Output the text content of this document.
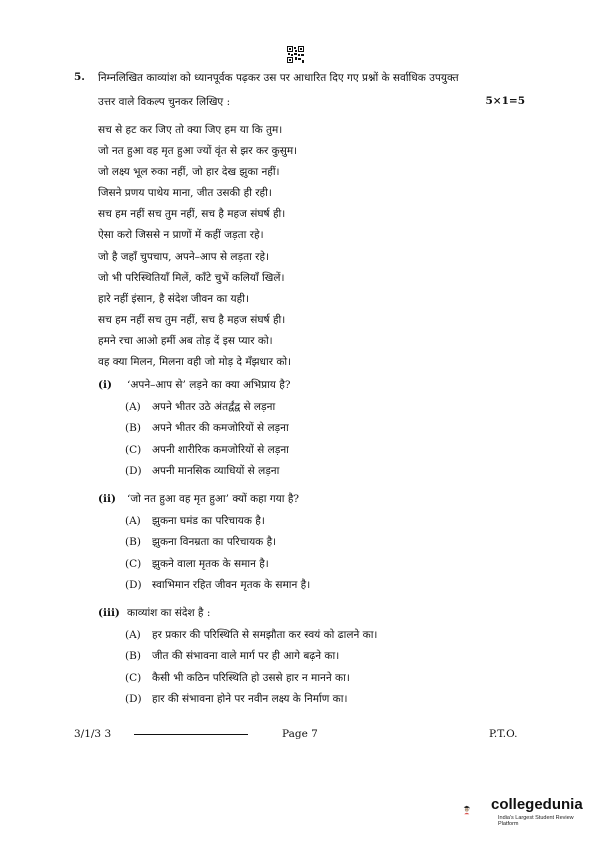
5. निम्नलिखित काव्यांश को ध्यानपूर्वक पढ़कर उस पर आधारित दिए गए प्रश्नों के सर्वाधिक उपयुक्त
उत्तर वाले विकल्प चुनकर लिखिए :	5×1=5
सच से हट कर जिए तो क्या जिए हम या कि तुम।
जो नत हुआ वह मृत हुआ ज्यों वृंत से झर कर कुसुम।
जो लक्ष्य भूल रुका नहीं, जो हार देख झुका नहीं।
जिसने प्रणय पाथेय माना, जीत उसकी ही रही।
सच हम नहीं सच तुम नहीं, सच है महज संघर्ष ही।
ऐसा करो जिससे न प्राणों में कहीं जड़ता रहे।
जो है जहाँ चुपचाप, अपने–आप से लड़ता रहे।
जो भी परिस्थितियाँ मिलें, काँटे चुभें कलियाँ खिलें।
हारे नहीं इंसान, है संदेश जीवन का यही।
सच हम नहीं सच तुम नहीं, सच है महज संघर्ष ही।
हमने रचा आओ हमीं अब तोड़ दें इस प्यार को।
वह क्या मिलन, मिलना वही जो मोड़ दे मँझधार को।
(i) ‘अपने–आप से’ लड़ने का क्या अभिप्राय है?
(A) अपने भीतर उठे अंतर्द्वंद्व से लड़ना
(B) अपने भीतर की कमजोरियों से लड़ना
(C) अपनी शारीरिक कमजोरियों से लड़ना
(D) अपनी मानसिक व्याधियों से लड़ना
(ii) ‘जो नत हुआ वह मृत हुआ’ क्यों कहा गया है?
(A) झुकना घमंड का परिचायक है।
(B) झुकना विनम्रता का परिचायक है।
(C) झुकने वाला मृतक के समान है।
(D) स्वाभिमान रहित जीवन मृतक के समान है।
(iii) काव्यांश का संदेश है :
(A) हर प्रकार की परिस्थिति से समझौता कर स्वयं को ढालने का।
(B) जीत की संभावना वाले मार्ग पर ही आगे बढ़ने का।
(C) कैसी भी कठिन परिस्थिति हो उससे हार न मानने का।
(D) हार की संभावना होने पर नवीन लक्ष्य के निर्माण का।
3/1/3 3	Page 7	P.T.O.
collegedunia
India's Largest Student Review Platform
